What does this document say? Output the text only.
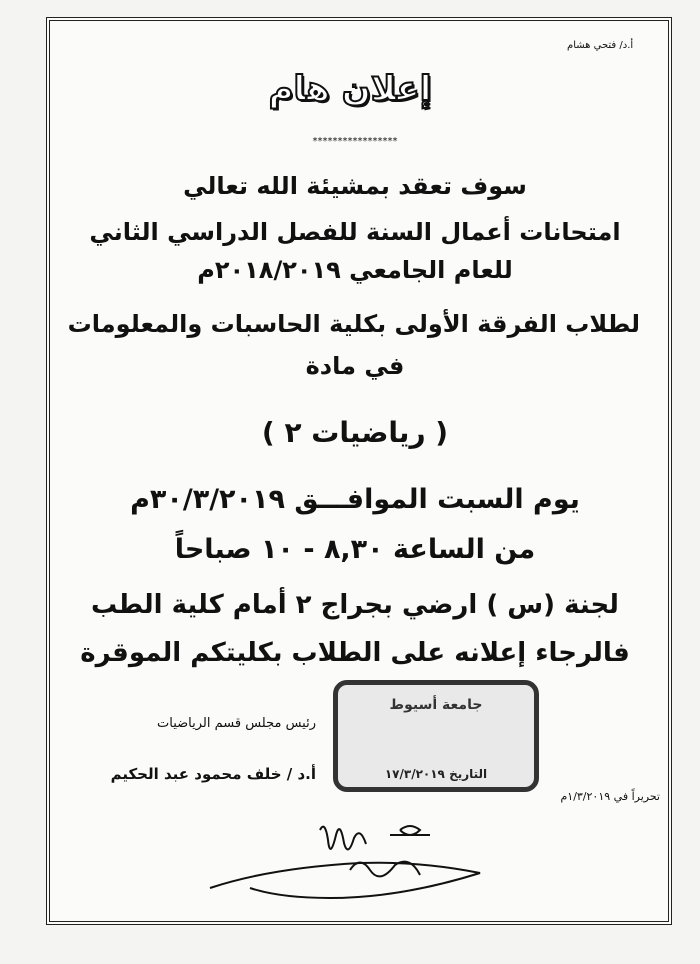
أ.د/ فتحي هشام
إعلان هام
*****************
سوف تعقد بمشيئة الله تعالي
امتحانات أعمال السنة للفصل الدراسي الثاني
للعام الجامعي ٢٠١٨/٢٠١٩م
لطلاب الفرقة الأولى بكلية الحاسبات والمعلومات
في مادة
( رياضيات ٢ )
يوم السبت الموافـــق ٣٠/٣/٢٠١٩م
من الساعة ٨,٣٠ - ١٠ صباحاً
لجنة (س ) ارضي بجراج ٢ أمام كلية الطب
فالرجاء إعلانه على الطلاب بكليتكم الموقرة
جامعة أسيوط
التاريخ ١٧/٣/٢٠١٩
رئيس مجلس قسم الرياضيات
أ.د / خلف محمود عبد الحكيم
تحريراً في ١/٣/٢٠١٩م
